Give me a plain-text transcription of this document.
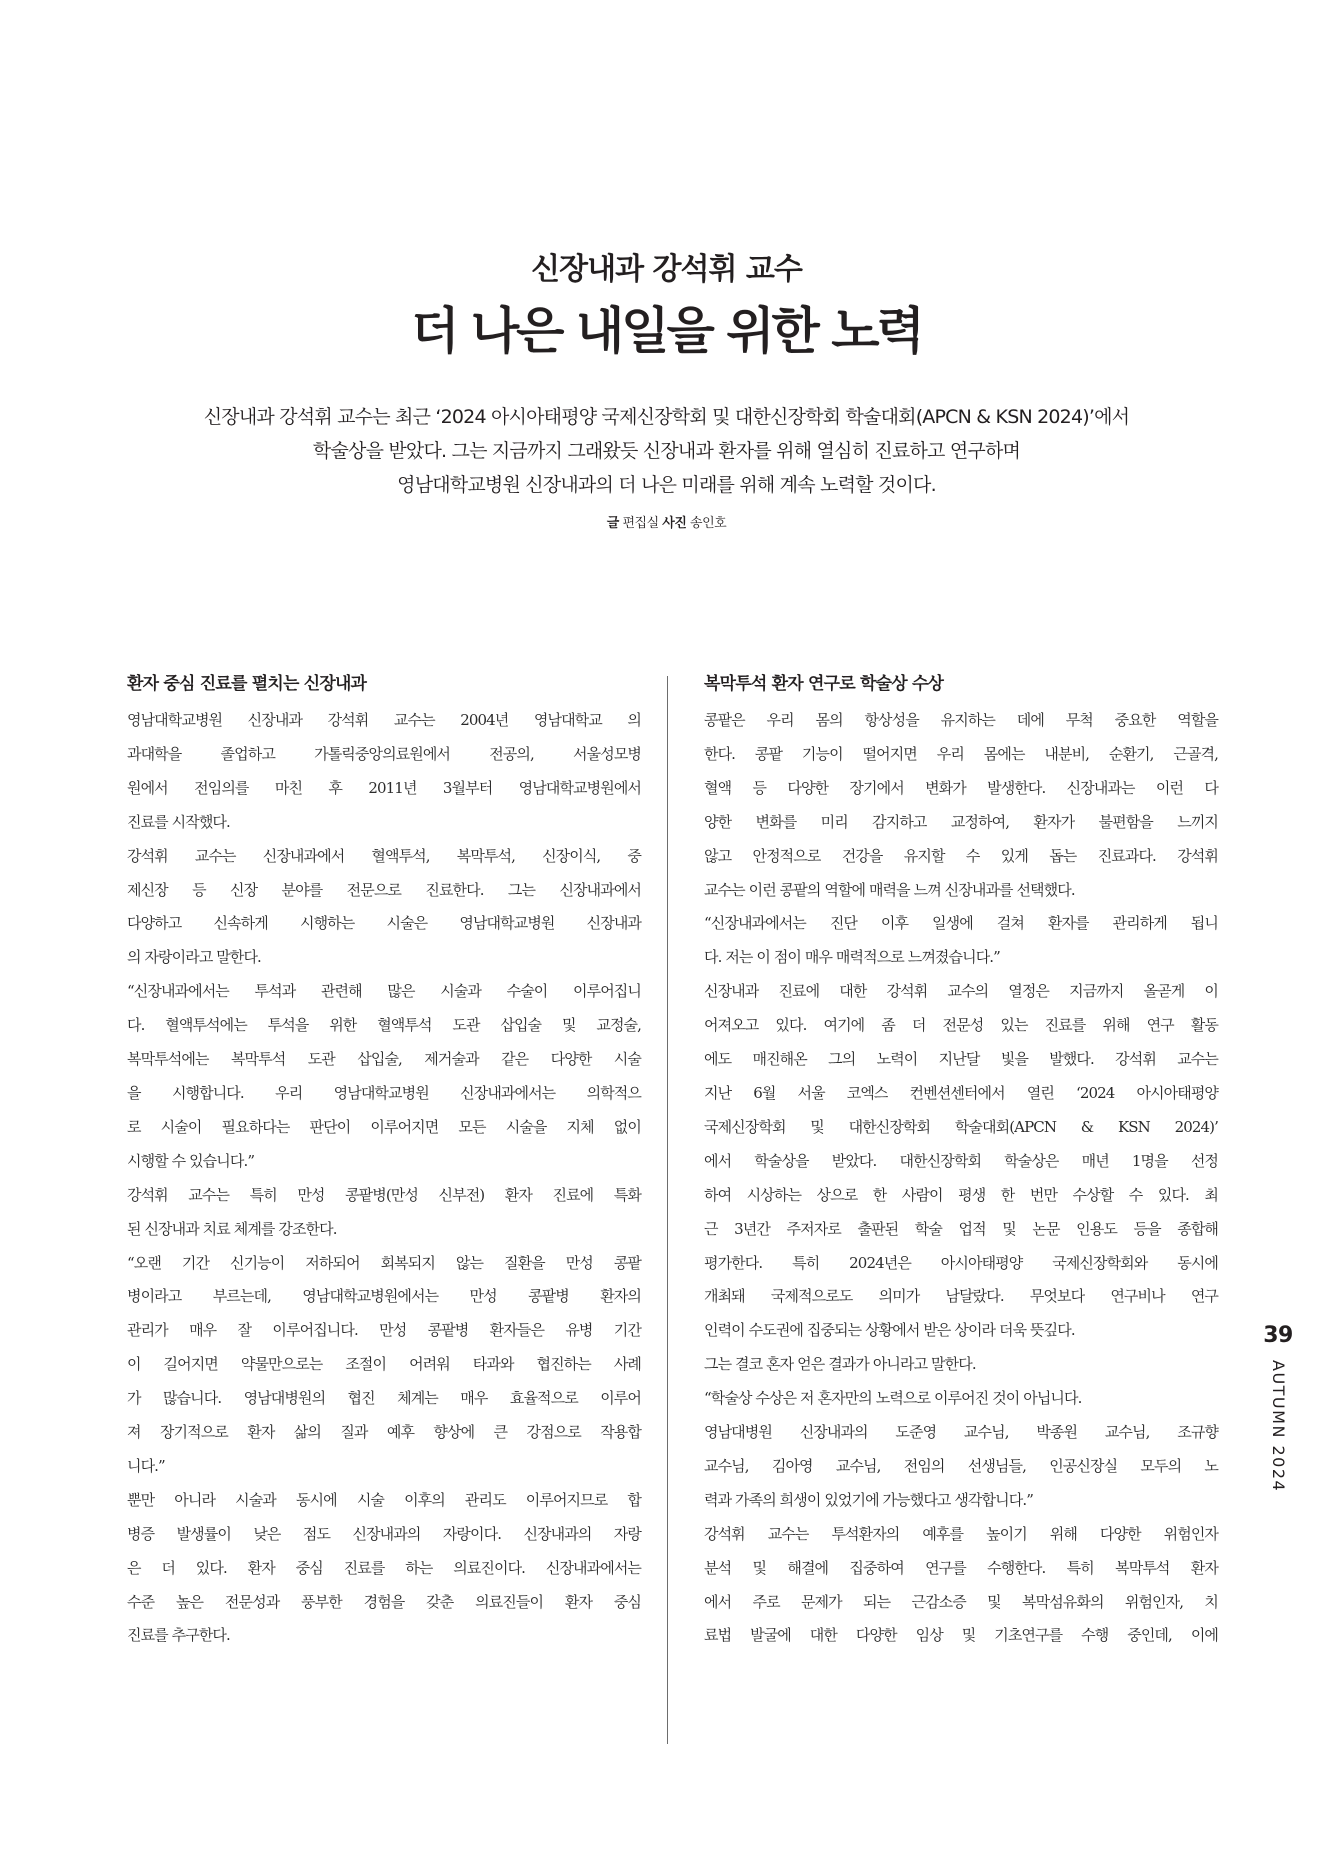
신장내과 강석휘 교수
더 나은 내일을 위한 노력

신장내과 강석휘 교수는 최근 ‘2024 아시아태평양 국제신장학회 및 대한신장학회 학술대회(APCN & KSN 2024)’에서

학술상을 받았다. 그는 지금까지 그래왔듯 신장내과 환자를 위해 열심히 진료하고 연구하며

영남대학교병원 신장내과의 더 나은 미래를 위해 계속 노력할 것이다.

글 편집실 사진 송인호
환자 중심 진료를 펼치는 신장내과

영남대학교병원 신장내과 강석휘 교수는 2004년 영남대학교 의

과대학을 졸업하고 가톨릭중앙의료원에서 전공의, 서울성모병

원에서 전임의를 마친 후 2011년 3월부터 영남대학교병원에서

진료를 시작했다.

강석휘 교수는 신장내과에서 혈액투석, 복막투석, 신장이식, 중

제신장 등 신장 분야를 전문으로 진료한다. 그는 신장내과에서

다양하고 신속하게 시행하는 시술은 영남대학교병원 신장내과

의 자랑이라고 말한다.

“신장내과에서는 투석과 관련해 많은 시술과 수술이 이루어집니

다. 혈액투석에는 투석을 위한 혈액투석 도관 삽입술 및 교정술,

복막투석에는 복막투석 도관 삽입술, 제거술과 같은 다양한 시술

을 시행합니다. 우리 영남대학교병원 신장내과에서는 의학적으

로 시술이 필요하다는 판단이 이루어지면 모든 시술을 지체 없이

시행할 수 있습니다.”

강석휘 교수는 특히 만성 콩팥병(만성 신부전) 환자 진료에 특화

된 신장내과 치료 체계를 강조한다.

“오랜 기간 신기능이 저하되어 회복되지 않는 질환을 만성 콩팥

병이라고 부르는데, 영남대학교병원에서는 만성 콩팥병 환자의

관리가 매우 잘 이루어집니다. 만성 콩팥병 환자들은 유병 기간

이 길어지면 약물만으로는 조절이 어려워 타과와 협진하는 사례

가 많습니다. 영남대병원의 협진 체계는 매우 효율적으로 이루어

져 장기적으로 환자 삶의 질과 예후 향상에 큰 강점으로 작용합

니다.”

뿐만 아니라 시술과 동시에 시술 이후의 관리도 이루어지므로 합

병증 발생률이 낮은 점도 신장내과의 자랑이다. 신장내과의 자랑

은 더 있다. 환자 중심 진료를 하는 의료진이다. 신장내과에서는

수준 높은 전문성과 풍부한 경험을 갖춘 의료진들이 환자 중심

진료를 추구한다.

복막투석 환자 연구로 학술상 수상

콩팥은 우리 몸의 항상성을 유지하는 데에 무척 중요한 역할을

한다. 콩팥 기능이 떨어지면 우리 몸에는 내분비, 순환기, 근골격,

혈액 등 다양한 장기에서 변화가 발생한다. 신장내과는 이런 다

양한 변화를 미리 감지하고 교정하여, 환자가 불편함을 느끼지

않고 안정적으로 건강을 유지할 수 있게 돕는 진료과다. 강석휘

교수는 이런 콩팥의 역할에 매력을 느껴 신장내과를 선택했다.

“신장내과에서는 진단 이후 일생에 걸쳐 환자를 관리하게 됩니

다. 저는 이 점이 매우 매력적으로 느껴졌습니다.”

신장내과 진료에 대한 강석휘 교수의 열정은 지금까지 올곧게 이

어져오고 있다. 여기에 좀 더 전문성 있는 진료를 위해 연구 활동

에도 매진해온 그의 노력이 지난달 빛을 발했다. 강석휘 교수는

지난 6월 서울 코엑스 컨벤션센터에서 열린 ‘2024 아시아태평양

국제신장학회 및 대한신장학회 학술대회(APCN & KSN 2024)’

에서 학술상을 받았다. 대한신장학회 학술상은 매년 1명을 선정

하여 시상하는 상으로 한 사람이 평생 한 번만 수상할 수 있다. 최

근 3년간 주저자로 출판된 학술 업적 및 논문 인용도 등을 종합해

평가한다. 특히 2024년은 아시아태평양 국제신장학회와 동시에

개최돼 국제적으로도 의미가 남달랐다. 무엇보다 연구비나 연구

인력이 수도권에 집중되는 상황에서 받은 상이라 더욱 뜻깊다.

그는 결코 혼자 얻은 결과가 아니라고 말한다.

“학술상 수상은 저 혼자만의 노력으로 이루어진 것이 아닙니다.

영남대병원 신장내과의 도준영 교수님, 박종원 교수님, 조규향

교수님, 김아영 교수님, 전임의 선생님들, 인공신장실 모두의 노

력과 가족의 희생이 있었기에 가능했다고 생각합니다.”

강석휘 교수는 투석환자의 예후를 높이기 위해 다양한 위험인자

분석 및 해결에 집중하여 연구를 수행한다. 특히 복막투석 환자

에서 주로 문제가 되는 근감소증 및 복막섬유화의 위험인자, 치

료법 발굴에 대한 다양한 임상 및 기초연구를 수행 중인데, 이에

39
AUTUMN 2024
